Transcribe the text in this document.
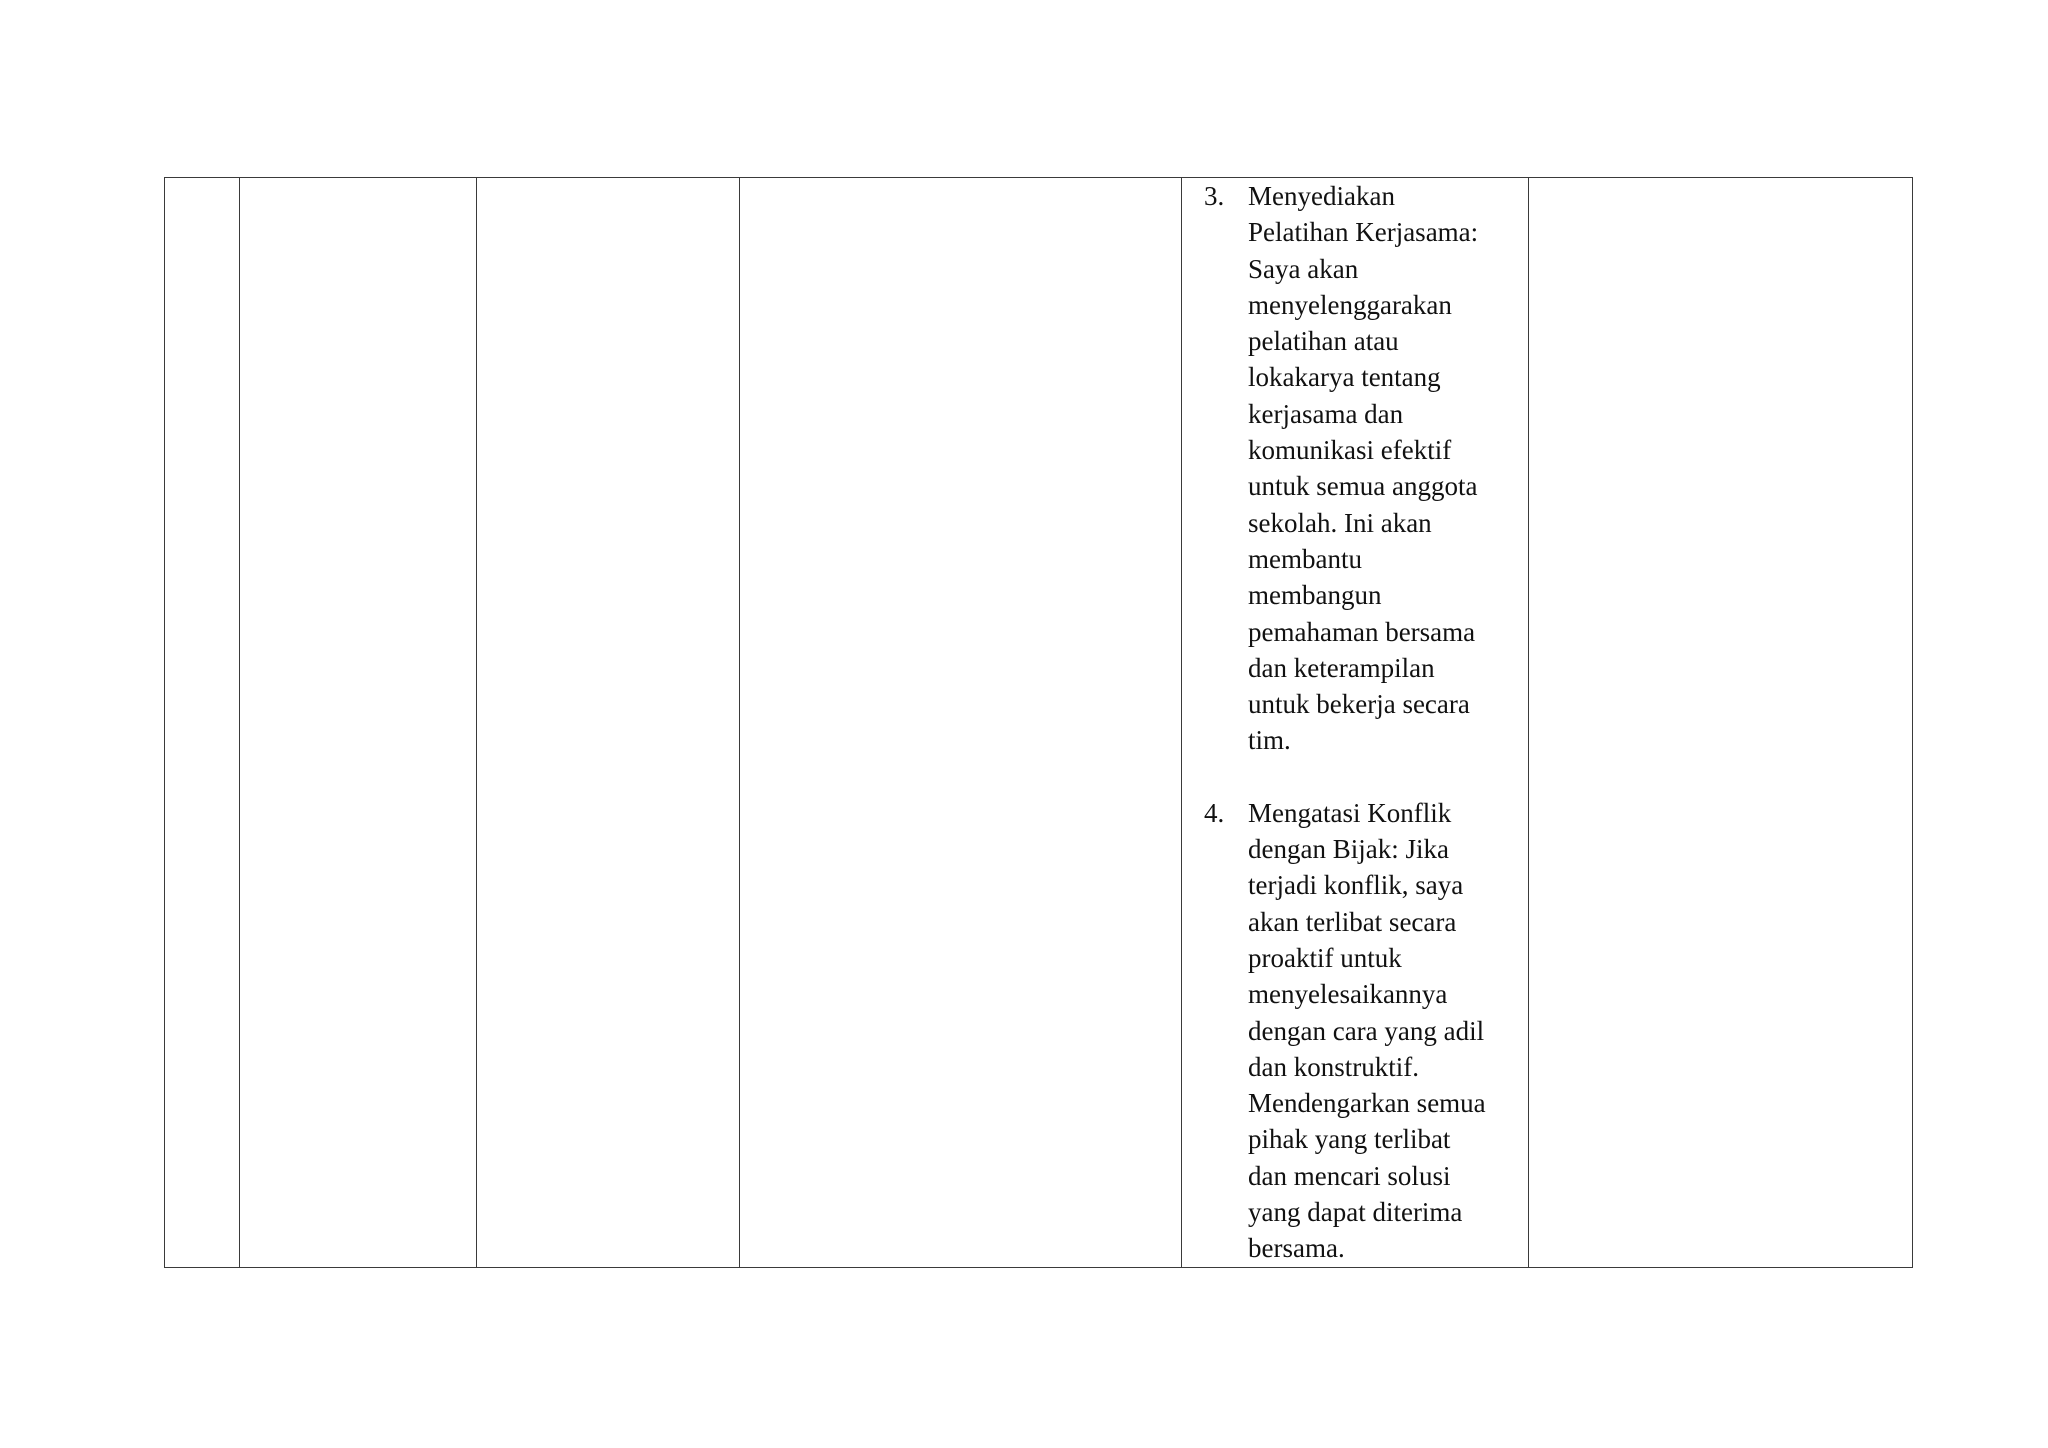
3. Menyediakan
Pelatihan Kerjasama:
Saya akan
menyelenggarakan
pelatihan atau
lokakarya tentang
kerjasama dan
komunikasi efektif
untuk semua anggota
sekolah. Ini akan
membantu
membangun
pemahaman bersama
dan keterampilan
untuk bekerja secara
tim.
4. Mengatasi Konflik
dengan Bijak: Jika
terjadi konflik, saya
akan terlibat secara
proaktif untuk
menyelesaikannya
dengan cara yang adil
dan konstruktif.
Mendengarkan semua
pihak yang terlibat
dan mencari solusi
yang dapat diterima
bersama.
